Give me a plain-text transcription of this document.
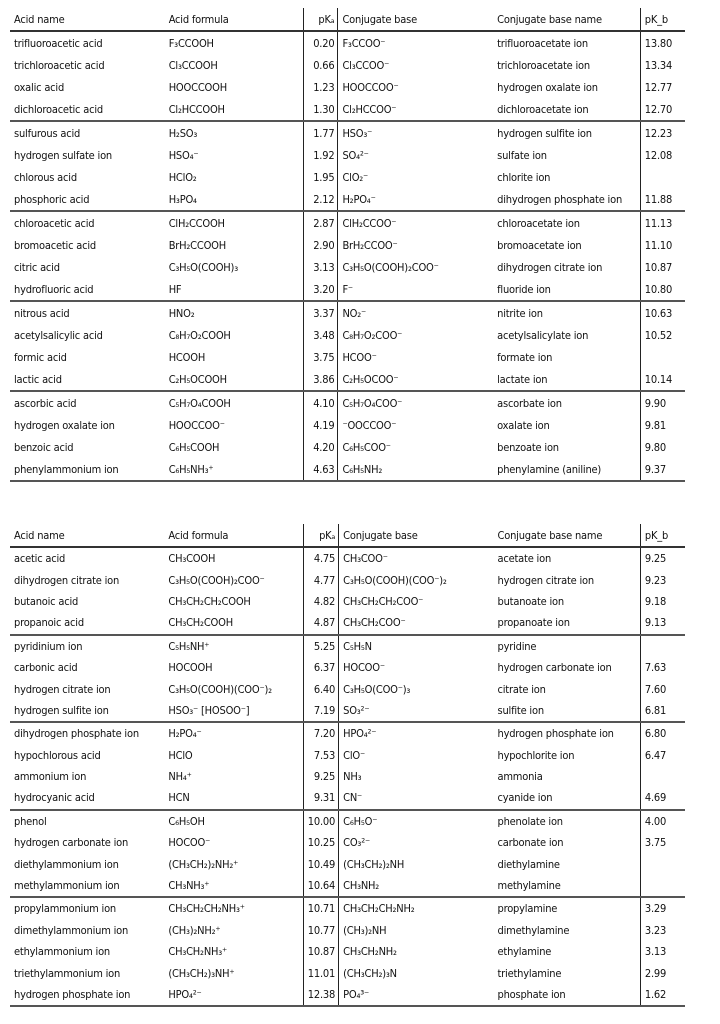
Acid name	Acid formula	pKₐ	Conjugate base	Conjugate base name	pK_b
trifluoroacetic acid	F₃CCOOH	0.20	F₃CCOO⁻	trifluoroacetate ion	13.80
trichloroacetic acid	Cl₃CCOOH	0.66	Cl₃CCOO⁻	trichloroacetate ion	13.34
oxalic acid	HOOCCOOH	1.23	HOOCCOO⁻	hydrogen oxalate ion	12.77
dichloroacetic acid	Cl₂HCCOOH	1.30	Cl₂HCCOO⁻	dichloroacetate ion	12.70
sulfurous acid	H₂SO₃	1.77	HSO₃⁻	hydrogen sulfite ion	12.23
hydrogen sulfate ion	HSO₄⁻	1.92	SO₄²⁻	sulfate ion	12.08
chlorous acid	HClO₂	1.95	ClO₂⁻	chlorite ion	
phosphoric acid	H₃PO₄	2.12	H₂PO₄⁻	dihydrogen phosphate ion	11.88
chloroacetic acid	ClH₂CCOOH	2.87	ClH₂CCOO⁻	chloroacetate ion	11.13
bromoacetic acid	BrH₂CCOOH	2.90	BrH₂CCOO⁻	bromoacetate ion	11.10
citric acid	C₃H₅O(COOH)₃	3.13	C₃H₅O(COOH)₂COO⁻	dihydrogen citrate ion	10.87
hydrofluoric acid	HF	3.20	F⁻	fluoride ion	10.80
nitrous acid	HNO₂	3.37	NO₂⁻	nitrite ion	10.63
acetylsalicylic acid	C₈H₇O₂COOH	3.48	C₈H₇O₂COO⁻	acetylsalicylate ion	10.52
formic acid	HCOOH	3.75	HCOO⁻	formate ion	
lactic acid	C₂H₅OCOOH	3.86	C₂H₅OCOO⁻	lactate ion	10.14
ascorbic acid	C₅H₇O₄COOH	4.10	C₅H₇O₄COO⁻	ascorbate ion	9.90
hydrogen oxalate ion	HOOCCOO⁻	4.19	⁻OOCCOO⁻	oxalate ion	9.81
benzoic acid	C₆H₅COOH	4.20	C₆H₅COO⁻	benzoate ion	9.80
phenylammonium ion	C₆H₅NH₃⁺	4.63	C₆H₅NH₂	phenylamine (aniline)	9.37
Acid name	Acid formula	pKₐ	Conjugate base	Conjugate base name	pK_b
acetic acid	CH₃COOH	4.75	CH₃COO⁻	acetate ion	9.25
dihydrogen citrate ion	C₃H₅O(COOH)₂COO⁻	4.77	C₃H₅O(COOH)(COO⁻)₂	hydrogen citrate ion	9.23
butanoic acid	CH₃CH₂CH₂COOH	4.82	CH₃CH₂CH₂COO⁻	butanoate ion	9.18
propanoic acid	CH₃CH₂COOH	4.87	CH₃CH₂COO⁻	propanoate ion	9.13
pyridinium ion	C₅H₅NH⁺	5.25	C₅H₅N	pyridine	
carbonic acid	HOCOOH	6.37	HOCOO⁻	hydrogen carbonate ion	7.63
hydrogen citrate ion	C₃H₅O(COOH)(COO⁻)₂	6.40	C₃H₅O(COO⁻)₃	citrate ion	7.60
hydrogen sulfite ion	HSO₃⁻ [HOSOO⁻]	7.19	SO₃²⁻	sulfite ion	6.81
dihydrogen phosphate ion	H₂PO₄⁻	7.20	HPO₄²⁻	hydrogen phosphate ion	6.80
hypochlorous acid	HClO	7.53	ClO⁻	hypochlorite ion	6.47
ammonium ion	NH₄⁺	9.25	NH₃	ammonia	
hydrocyanic acid	HCN	9.31	CN⁻	cyanide ion	4.69
phenol	C₆H₅OH	10.00	C₆H₅O⁻	phenolate ion	4.00
hydrogen carbonate ion	HOCOO⁻	10.25	CO₃²⁻	carbonate ion	3.75
diethylammonium ion	(CH₃CH₂)₂NH₂⁺	10.49	(CH₃CH₂)₂NH	diethylamine	
methylammonium ion	CH₃NH₃⁺	10.64	CH₃NH₂	methylamine	
propylammonium ion	CH₃CH₂CH₂NH₃⁺	10.71	CH₃CH₂CH₂NH₂	propylamine	3.29
dimethylammonium ion	(CH₃)₂NH₂⁺	10.77	(CH₃)₂NH	dimethylamine	3.23
ethylammonium ion	CH₃CH₂NH₃⁺	10.87	CH₃CH₂NH₂	ethylamine	3.13
triethylammonium ion	(CH₃CH₂)₃NH⁺	11.01	(CH₃CH₂)₃N	triethylamine	2.99
hydrogen phosphate ion	HPO₄²⁻	12.38	PO₄³⁻	phosphate ion	1.62
